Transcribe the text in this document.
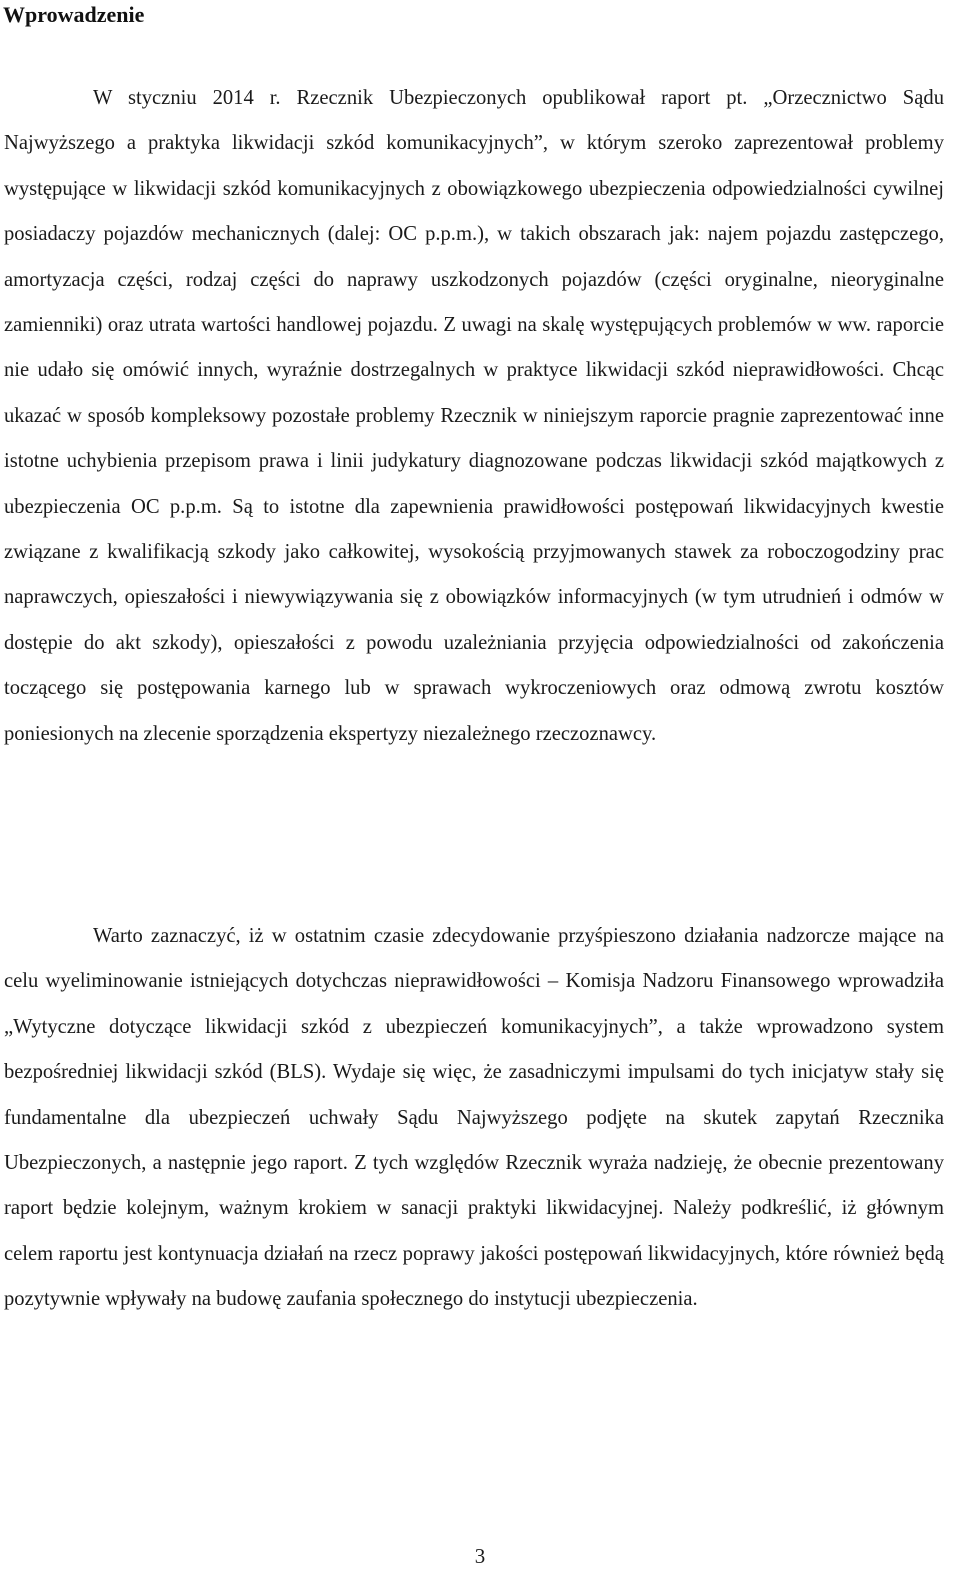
Wprowadzenie

W styczniu 2014 r. Rzecznik Ubezpieczonych opublikował raport pt. „Orzecznictwo Sądu Najwyższego a praktyka likwidacji szkód komunikacyjnych”, w którym szeroko zaprezentował problemy występujące w likwidacji szkód komunikacyjnych z obowiązkowego ubezpieczenia odpowiedzialności cywilnej posiadaczy pojazdów mechanicznych (dalej: OC p.p.m.), w takich obszarach jak: najem pojazdu zastępczego, amortyzacja części, rodzaj części do naprawy uszkodzonych pojazdów (części oryginalne, nieoryginalne zamienniki) oraz utrata wartości handlowej pojazdu. Z uwagi na skalę występujących problemów w ww. raporcie nie udało się omówić innych, wyraźnie dostrzegalnych w praktyce likwidacji szkód nieprawidłowości. Chcąc ukazać w sposób kompleksowy pozostałe problemy Rzecznik w niniejszym raporcie pragnie zaprezentować inne istotne uchybienia przepisom prawa i linii judykatury diagnozowane podczas likwidacji szkód majątkowych z ubezpieczenia OC p.p.m. Są to istotne dla zapewnienia prawidłowości postępowań likwidacyjnych kwestie związane z kwalifikacją szkody jako całkowitej, wysokością przyjmowanych stawek za roboczogodziny prac naprawczych, opieszałości i niewywiązywania się z obowiązków informacyjnych (w tym utrudnień i odmów w dostępie do akt szkody), opieszałości z powodu uzależniania przyjęcia odpowiedzialności od zakończenia toczącego się postępowania karnego lub w sprawach wykroczeniowych oraz odmową zwrotu kosztów poniesionych na zlecenie sporządzenia ekspertyzy niezależnego rzeczoznawcy.

Warto zaznaczyć, iż w ostatnim czasie zdecydowanie przyśpieszono działania nadzorcze mające na celu wyeliminowanie istniejących dotychczas nieprawidłowości – Komisja Nadzoru Finansowego wprowadziła „Wytyczne dotyczące likwidacji szkód z ubezpieczeń komunikacyjnych”, a także wprowadzono system bezpośredniej likwidacji szkód (BLS). Wydaje się więc, że zasadniczymi impulsami do tych inicjatyw stały się fundamentalne dla ubezpieczeń uchwały Sądu Najwyższego podjęte na skutek zapytań Rzecznika Ubezpieczonych, a następnie jego raport. Z tych względów Rzecznik wyraża nadzieję, że obecnie prezentowany raport będzie kolejnym, ważnym krokiem w sanacji praktyki likwidacyjnej. Należy podkreślić, iż głównym celem raportu jest kontynuacja działań na rzecz poprawy jakości postępowań likwidacyjnych, które również będą pozytywnie wpływały na budowę zaufania społecznego do instytucji ubezpieczenia.

3
